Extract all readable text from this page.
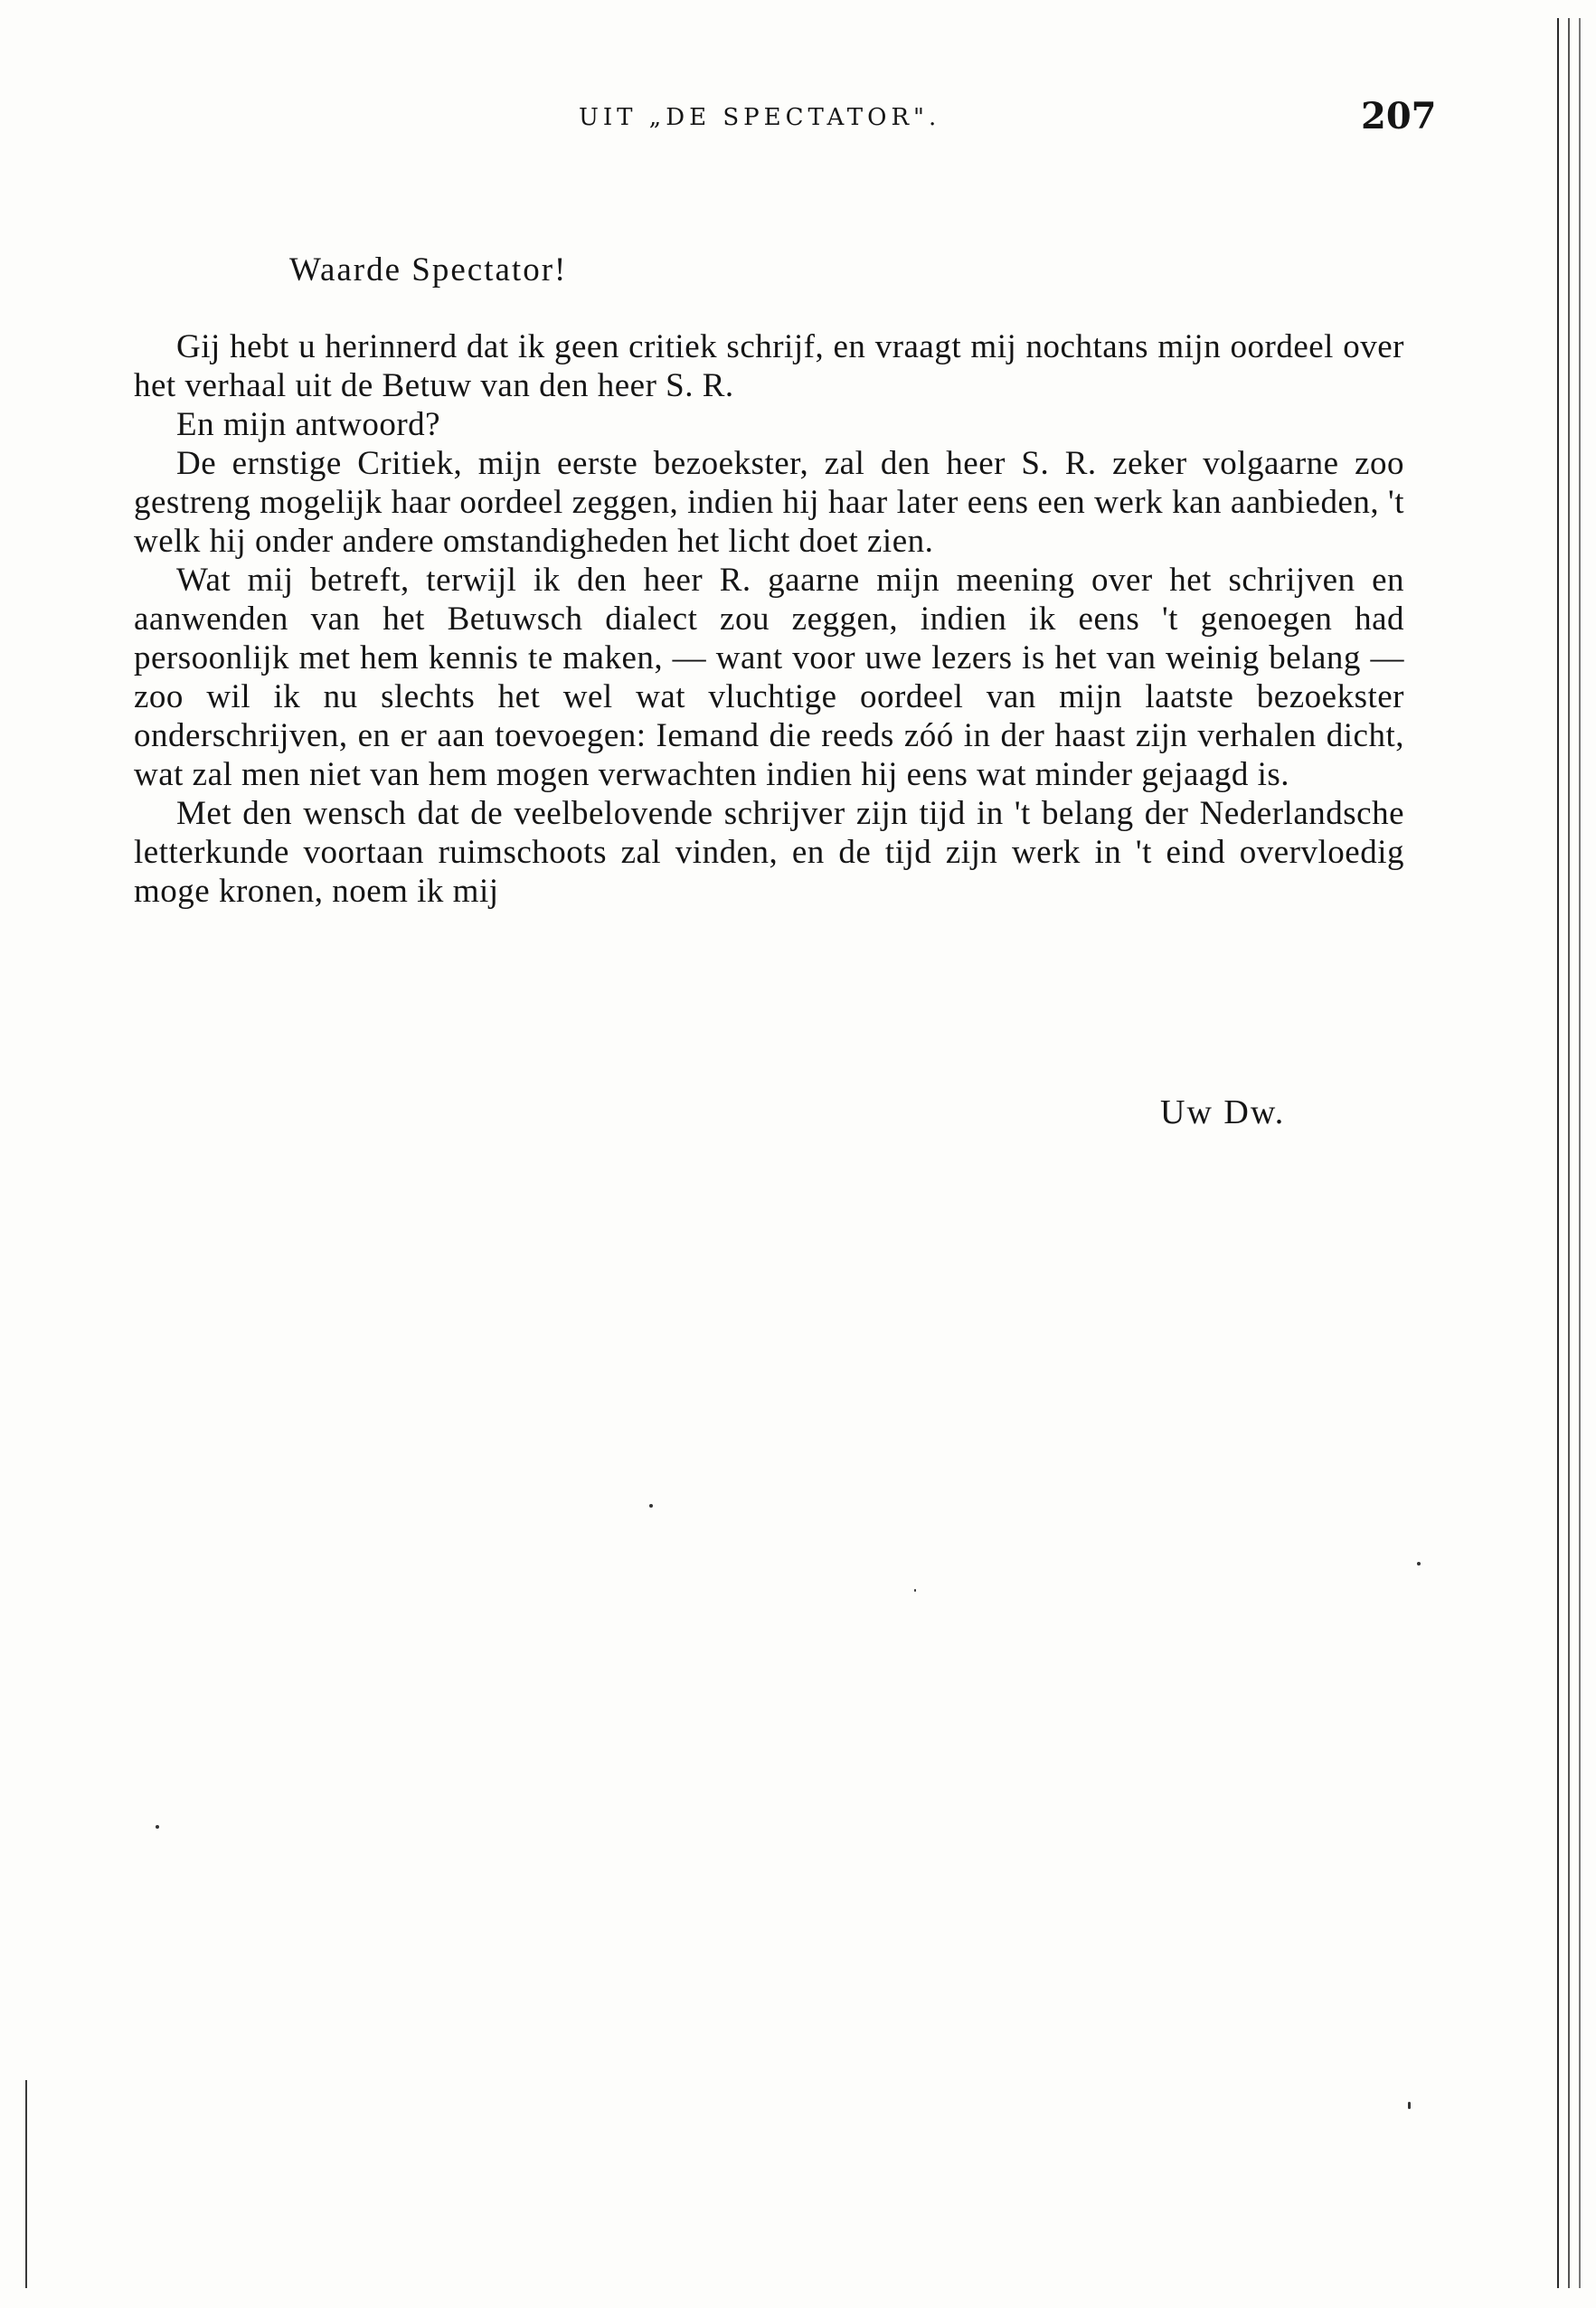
UIT „DE SPECTATOR".	207
Waarde Spectator!

Gij hebt u herinnerd dat ik geen critiek schrijf, en vraagt mij nochtans mijn oordeel over het verhaal uit de Betuw van den heer S. R.

En mijn antwoord?

De ernstige Critiek, mijn eerste bezoekster, zal den heer S. R. zeker volgaarne zoo gestreng mogelijk haar oordeel zeggen, indien hij haar later eens een werk kan aanbieden, 't welk hij onder andere omstandigheden het licht doet zien.

Wat mij betreft, terwijl ik den heer R. gaarne mijn meening over het schrijven en aanwenden van het Betuwsch dialect zou zeggen, indien ik eens 't genoegen had persoonlijk met hem kennis te maken, — want voor uwe lezers is het van weinig belang — zoo wil ik nu slechts het wel wat vluchtige oordeel van mijn laatste bezoekster onderschrijven, en er aan toevoegen: Iemand die reeds zóó in der haast zijn verhalen dicht, wat zal men niet van hem mogen verwachten indien hij eens wat minder gejaagd is.

Met den wensch dat de veelbelovende schrijver zijn tijd in 't belang der Nederlandsche letterkunde voortaan ruimschoots zal vinden, en de tijd zijn werk in 't eind overvloedig moge kronen, noem ik mij

Uw Dw.
